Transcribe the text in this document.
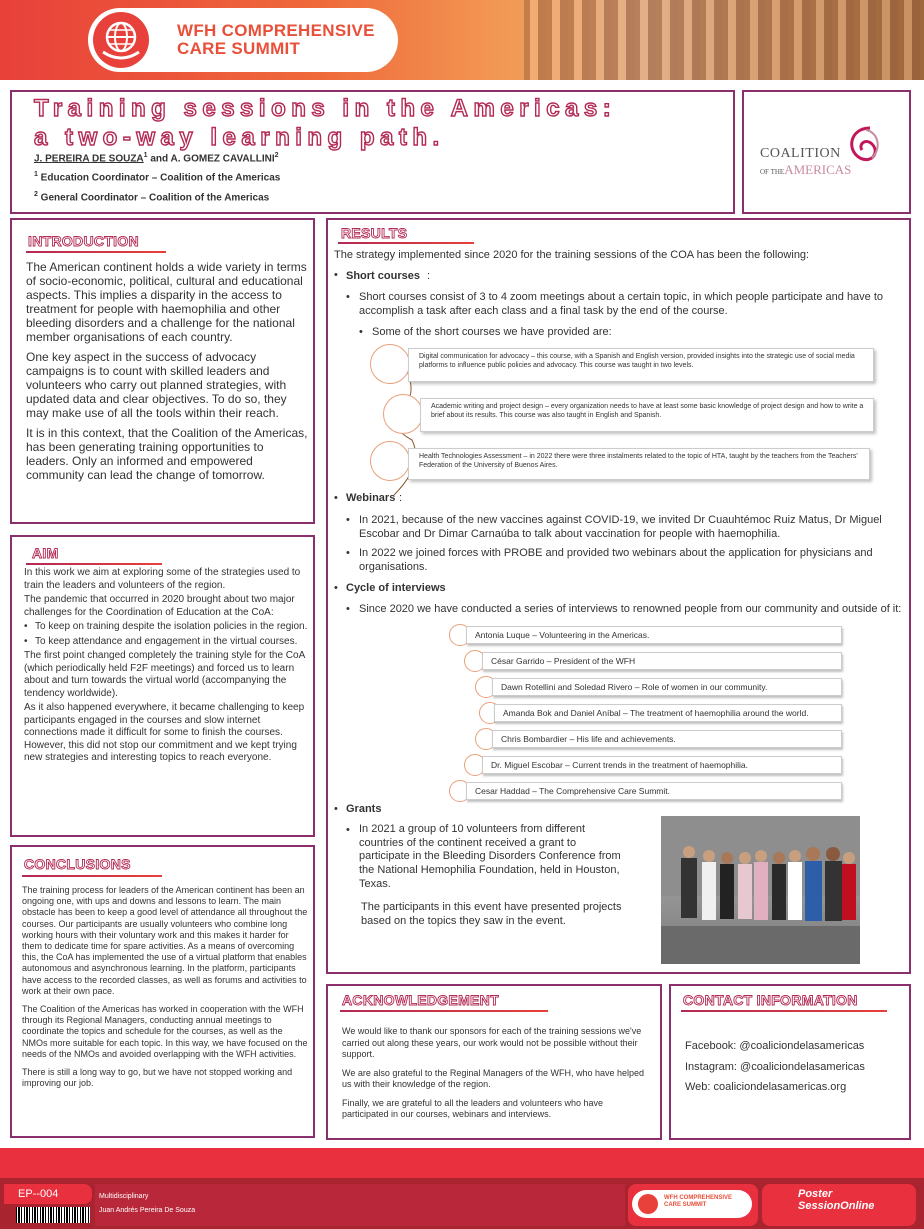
WFH COMPREHENSIVE
CARE SUMMIT
Training sessions in the Americas:
a two-way learning path.
J. PEREIRA DE SOUZA$^1$ and A. GOMEZ CAVALLINI$^2$
$^1$ Education Coordinator – Coalition of the Americas
$^2$ General Coordinator – Coalition of the Americas
COALITION
OF THEAMERICAS
INTRODUCTION

The American continent holds a wide variety in terms of socio-economic, political, cultural and educational aspects. This implies a disparity in the access to treatment for people with haemophilia and other bleeding disorders and a challenge for the national member organisations of each country.

One key aspect in the success of advocacy campaigns is to count with skilled leaders and volunteers who carry out planned strategies, with updated data and clear objectives. To do so, they may make use of all the tools within their reach.

It is in this context, that the Coalition of the Americas, has been generating training opportunities to leaders. Only an informed and empowered community can lead the change of tomorrow.

AIM

In this work we aim at exploring some of the strategies used to train the leaders and volunteers of the region.

The pandemic that occurred in 2020 brought about two major challenges for the Coordination of Education at the CoA:

• To keep on training despite the isolation policies in the region.
• To keep attendance and engagement in the virtual courses.

The first point changed completely the training style for the CoA (which periodically held F2F meetings) and forced us to learn about and turn towards the virtual world (accompanying the tendency worldwide).

As it also happened everywhere, it became challenging to keep participants engaged in the courses and slow internet connections made it difficult for some to finish the courses. However, this did not stop our commitment and we kept trying new strategies and interesting topics to reach everyone.

CONCLUSIONS

The training process for leaders of the American continent has been an ongoing one, with ups and downs and lessons to learn. The main obstacle has been to keep a good level of attendance all throughout the courses. Our participants are usually volunteers who combine long working hours with their voluntary work and this makes it harder for them to dedicate time for spare activities. As a means of overcoming this, the CoA has implemented the use of a virtual platform that enables autonomous and asynchronous learning. In the platform, participants have access to the recorded classes, as well as forums and activities to work at their own pace.

The Coalition of the Americas has worked in cooperation with the WFH through its Regional Managers, conducting annual meetings to coordinate the topics and schedule for the courses, as well as the NMOs more suitable for each topic. In this way, we have focused on the needs of the NMOs and avoided overlapping with the WFH activities.

There is still a long way to go, but we have not stopped working and improving our job.

RESULTS
The strategy implemented since 2020 for the training sessions of the COA has been the following:
• Short courses :
• Short courses consist of 3 to 4 zoom meetings about a certain topic, in which people participate and have to accomplish a task after each class and a final task by the end of the course.
• Some of the short courses we have provided are:
Digital communication for advocacy – this course, with a Spanish and English version, provided insights into the strategic use of social media platforms to influence public policies and advocacy. This course was taught in two levels.
Academic writing and project design – every organization needs to have at least some basic knowledge of project design and how to write a brief about its results. This course was also taught in English and Spanish.
Health Technologies Assessment – in 2022 there were three instalments related to the topic of HTA, taught by the teachers from the Teachers' Federation of the University of Buenos Aires.
• Webinars :
• In 2021, because of the new vaccines against COVID-19, we invited Dr Cuauhtémoc Ruiz Matus, Dr Miguel Escobar and Dr Dimar Carnaúba to talk about vaccination for people with haemophilia.
• In 2022 we joined forces with PROBE and provided two webinars about the application for physicians and organisations.
• Cycle of interviews
• Since 2020 we have conducted a series of interviews to renowned people from our community and outside of it:
Antonia Luque – Volunteering in the Americas.
César Garrido – President of the WFH
Dawn Rotellini and Soledad Rivero – Role of women in our community.
Amanda Bok and Daniel Aníbal – The treatment of haemophilia around the world.
Chris Bombardier – His life and achievements.
Dr. Miguel Escobar – Current trends in the treatment of haemophilia.
Cesar Haddad – The Comprehensive Care Summit.
• Grants
• In 2021 a group of 10 volunteers from different countries of the continent received a grant to participate in the Bleeding Disorders Conference from the National Hemophilia Foundation, held in Houston, Texas.
The participants in this event have presented projects based on the topics they saw in the event.
ACKNOWLEDGEMENT

We would like to thank our sponsors for each of the training sessions we've carried out along these years, our work would not be possible without their support.

We are also grateful to the Reginal Managers of the WFH, who have helped us with their knowledge of the region.

Finally, we are grateful to all the leaders and volunteers who have participated in our courses, webinars and interviews.

CONTACT INFORMATION
Facebook: @coaliciondelasamericas
Instagram: @coaliciondelasamericas
Web: coaliciondelasamericas.org
EP--004	Multidisciplinary
Juan Andrés Pereira De Souza
WFH COMPREHENSIVE
CARE SUMMIT
Poster
SessionOnline
